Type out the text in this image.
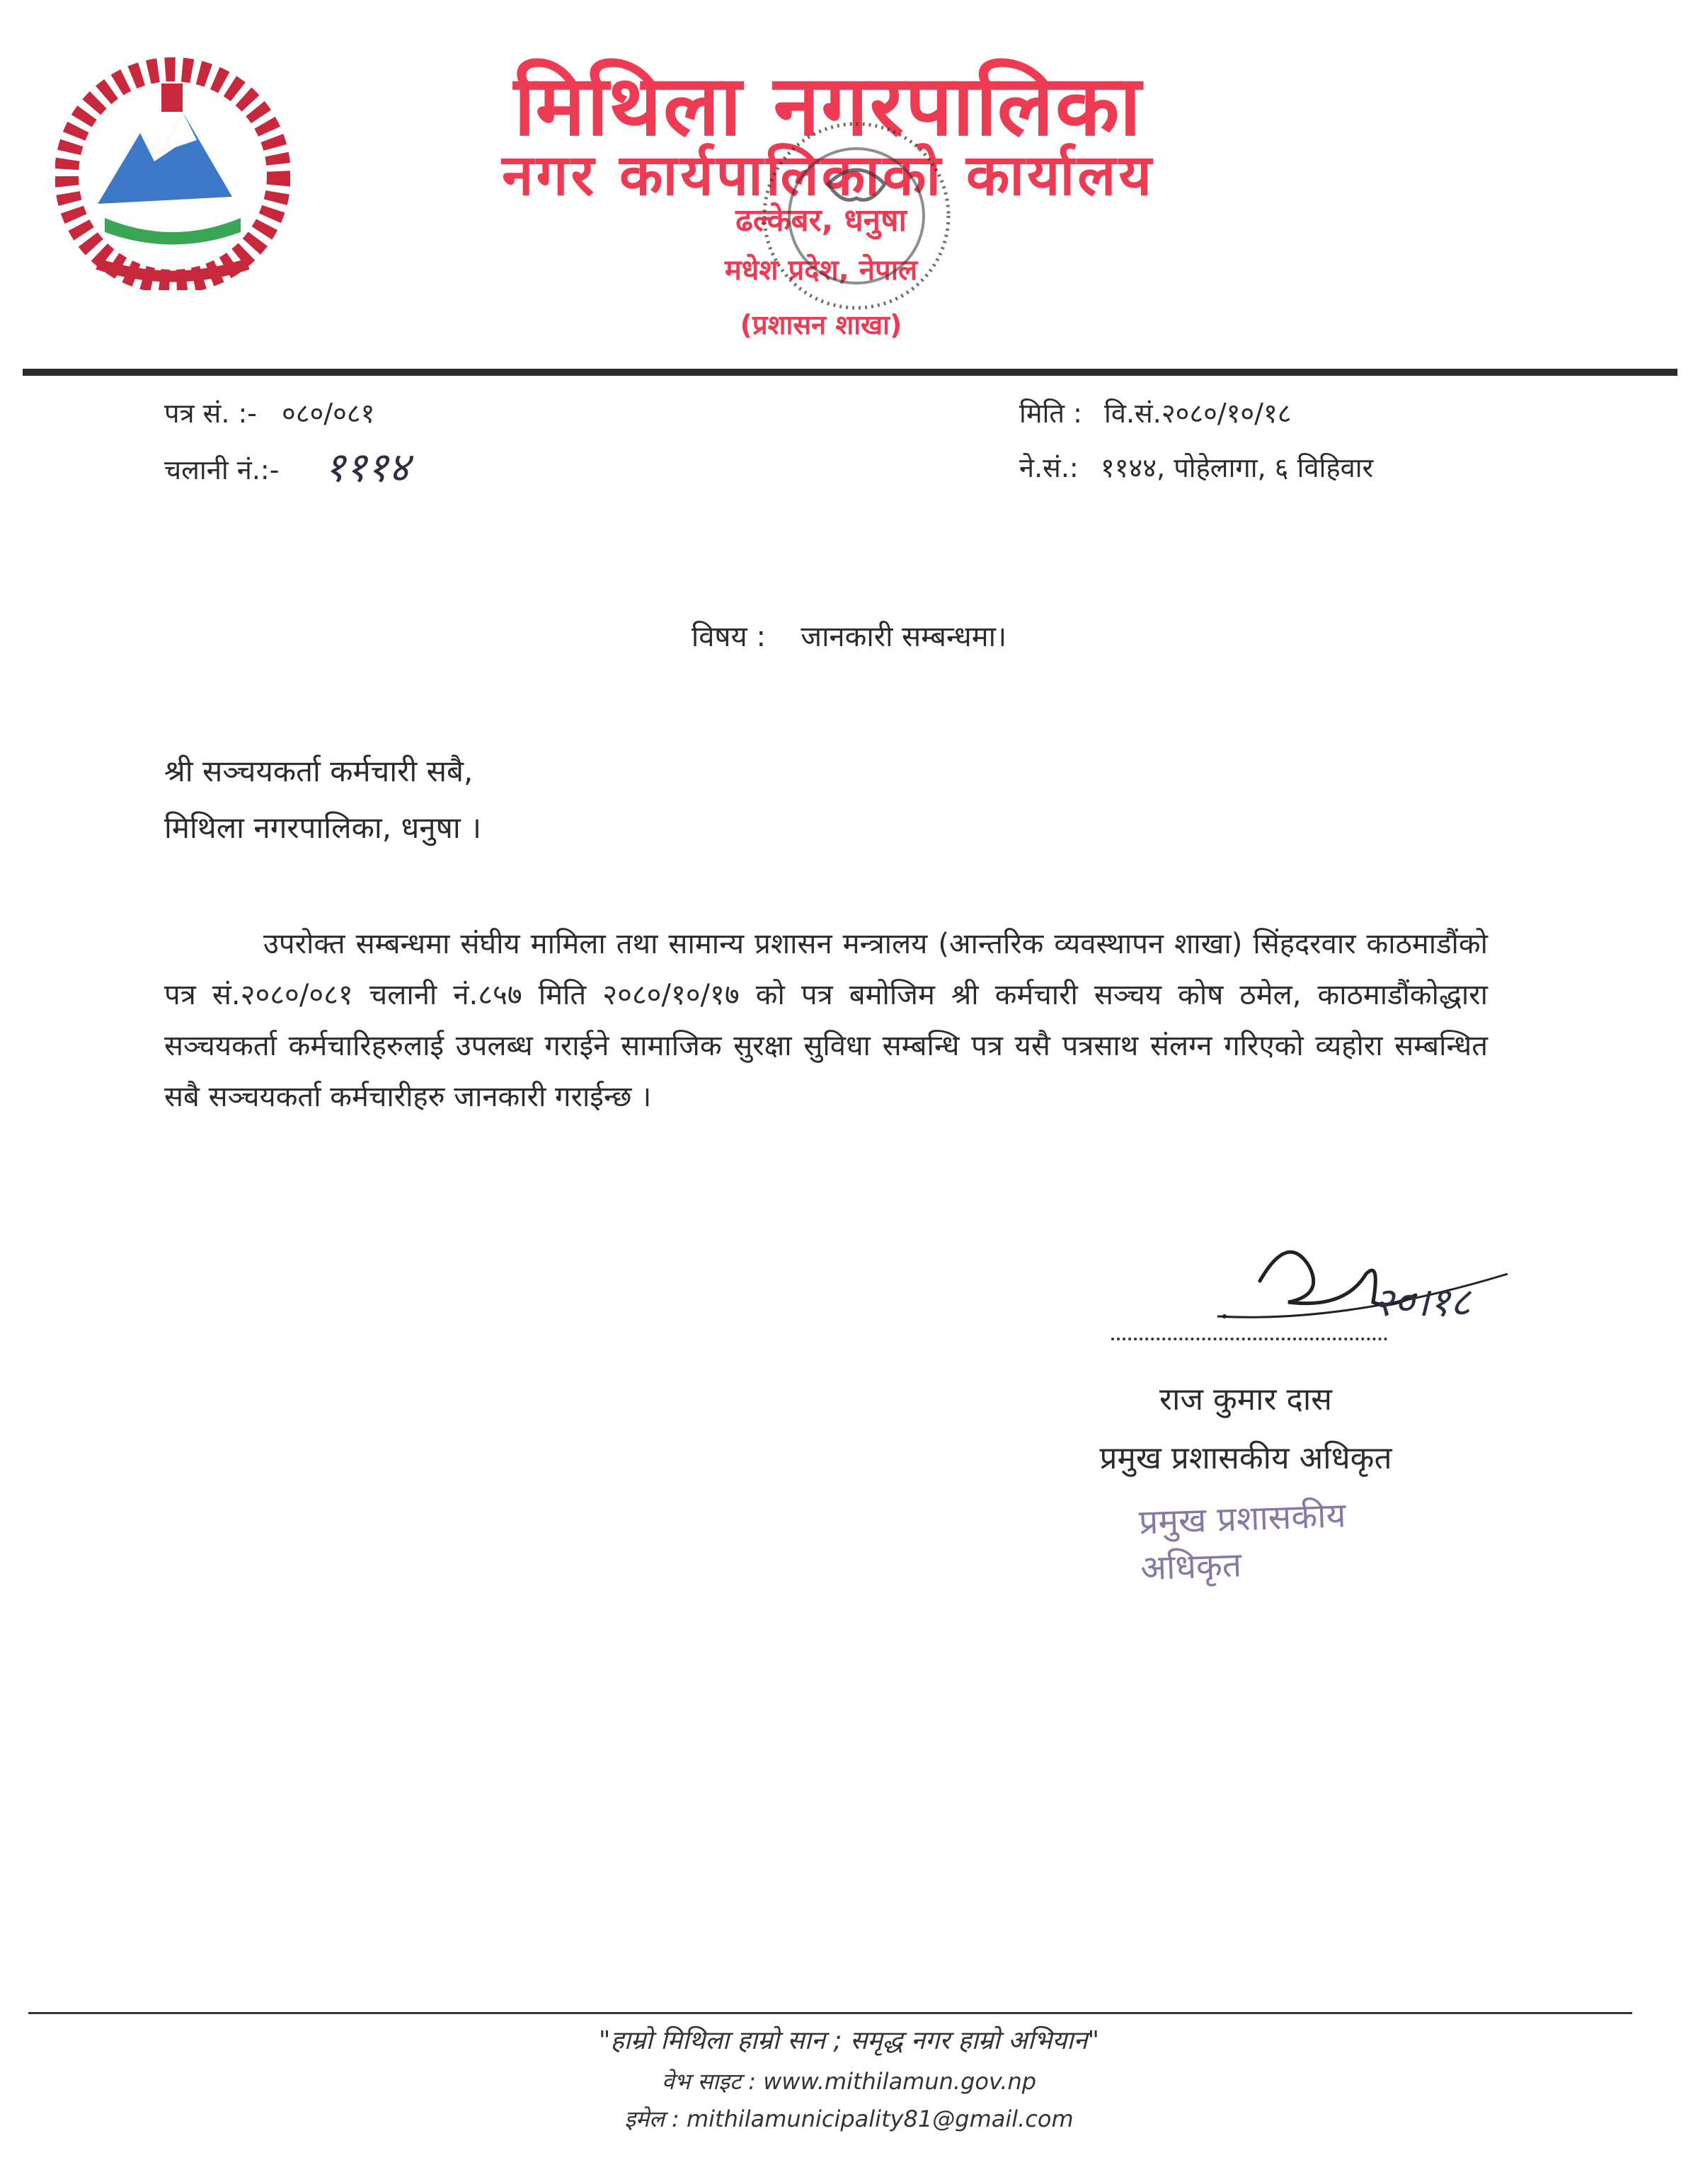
मिथिला नगरपालिका
नगर कार्यपालिकाको कार्यालय
ढल्केबर, धनुषा
मधेश प्रदेश, नेपाल
(प्रशासन शाखा)
पत्र सं. :- ०८०/०८१
चलानी नं.:- १११४
मिति : वि.सं.२०८०/१०/१८
ने.सं.: ११४४, पोहेलागा, ६ विहिवार
विषय : जानकारी सम्बन्धमा।
श्री सञ्चयकर्ता कर्मचारी सबै,
मिथिला नगरपालिका, धनुषा ।
उपरोक्त सम्बन्धमा संघीय मामिला तथा सामान्य प्रशासन मन्त्रालय (आन्तरिक व्यवस्थापन शाखा) सिंहदरवार काठमाडौंको पत्र सं.२०८०/०८१ चलानी नं.८५७ मिति २०८०/१०/१७ को पत्र बमोजिम श्री कर्मचारी सञ्चय कोष ठमेल, काठमाडौंकोद्धारा सञ्चयकर्ता कर्मचारिहरुलाई उपलब्ध गराईने सामाजिक सुरक्षा सुविधा सम्बन्धि पत्र यसै पत्रसाथ संलग्न गरिएको व्यहोरा सम्बन्धित सबै सञ्चयकर्ता कर्मचारीहरु जानकारी गराईन्छ ।
२०।१८
राज कुमार दास
प्रमुख प्रशासकीय अधिकृत
प्रमुख प्रशासकीय अधिकृत
"हाम्रो मिथिला हाम्रो सान ; समृद्ध नगर हाम्रो अभियान"
वेभ साइट : www.mithilamun.gov.np
इमेल : mithilamunicipality81@gmail.com
